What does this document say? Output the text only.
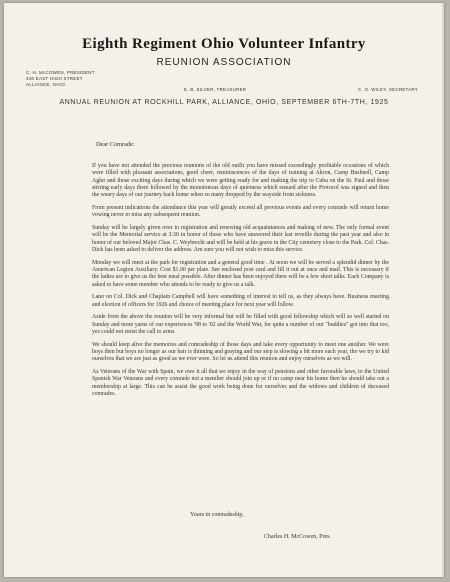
Eighth Regiment Ohio Volunteer Infantry
REUNION ASSOCIATION
C. H. McCOWEN, PRESIDENT
440 EAST HIGH STREET
ALLIANCE, OHIO
E. B. SILVER, TREASURER	C. O. WILEY, SECRETARY
ANNUAL REUNION AT ROCKHILL PARK, ALLIANCE, OHIO, SEPTEMBER 6TH-7TH, 1925
Dear Comrade:

If you have not attended the previous reunions of the old outfit you have missed exceedingly profitable occasions of which were filled with pleasant associations, good cheer, reminiscences of the days of training at Akron, Camp Bushnell, Camp Agler and those exciting days during which we were getting ready for and making the trip to Cuba on the St. Paul and those stirring early days there followed by the monotonous days of quietness which ensued after the Protocol was signed and then the weary days of our journey back home when so many dropped by the wayside from sickness.

From present indications the attendance this year will greatly exceed all previous events and every comrade will return home vowing never to miss any subsequent reunion.

Sunday will be largely given over to registration and renewing old acquaintances and making of new. The only formal event will be the Memorial service at 3:30 in honor of those who have answered their last reveille during the past year and also in honor of our beloved Major Chas. C. Weybrecht and will be held at his grave in the City cemetery close to the Park. Col. Chas. Dick has been asked to deliver the address. Am sure you will not wish to miss this service.

Monday we will meet at the park for registration and a general good time . At noon we will be served a splendid dinner by the American Legion Auxiliary. Cost $1.00 per plate. See enclosed post card and fill it out at once and mail. This is necessary if the ladies are to give us the best meal possible. After dinner has been enjoyed there will be a few short talks. Each Company is asked to have some member who attends to be ready to give us a talk.

Later on Col. Dick and Chaplain Campbell will have something of interest to tell us, as they always have. Business meeting and election of officers for 1926 and choice of meeting place for next year will follow.

Aside from the above the reunion will be very informal but will be filled with good fellowship which will so well started on Sunday and more yarns of our experiences '98 to '02 and the World War, for quite a number of our "buddies" got into that too, yes could not resist the call to arms.

We should keep alive the memories and comradeship of those days and take every opportunity to meet one another. We were boys then but boys no longer as our hair is thinning and graying and our step is slowing a bit more each year, tho we try to kid ourselves that we are just as good as we ever were. So let us attend this reunion and enjoy ourselves as we will.

As Veterans of the War with Spain, we owe it all that we enjoy in the way of pensions and other favorable laws, to the United Spanish War Veterans and every comrade not a member should join up or if no camp near his home then he should take out a membership at large. This can he assist the good work being done for ourselves and the widows and children of deceased comrades.

Yours in comradeship,
· · · · · ·	Charles H. McCowen, Pres.
